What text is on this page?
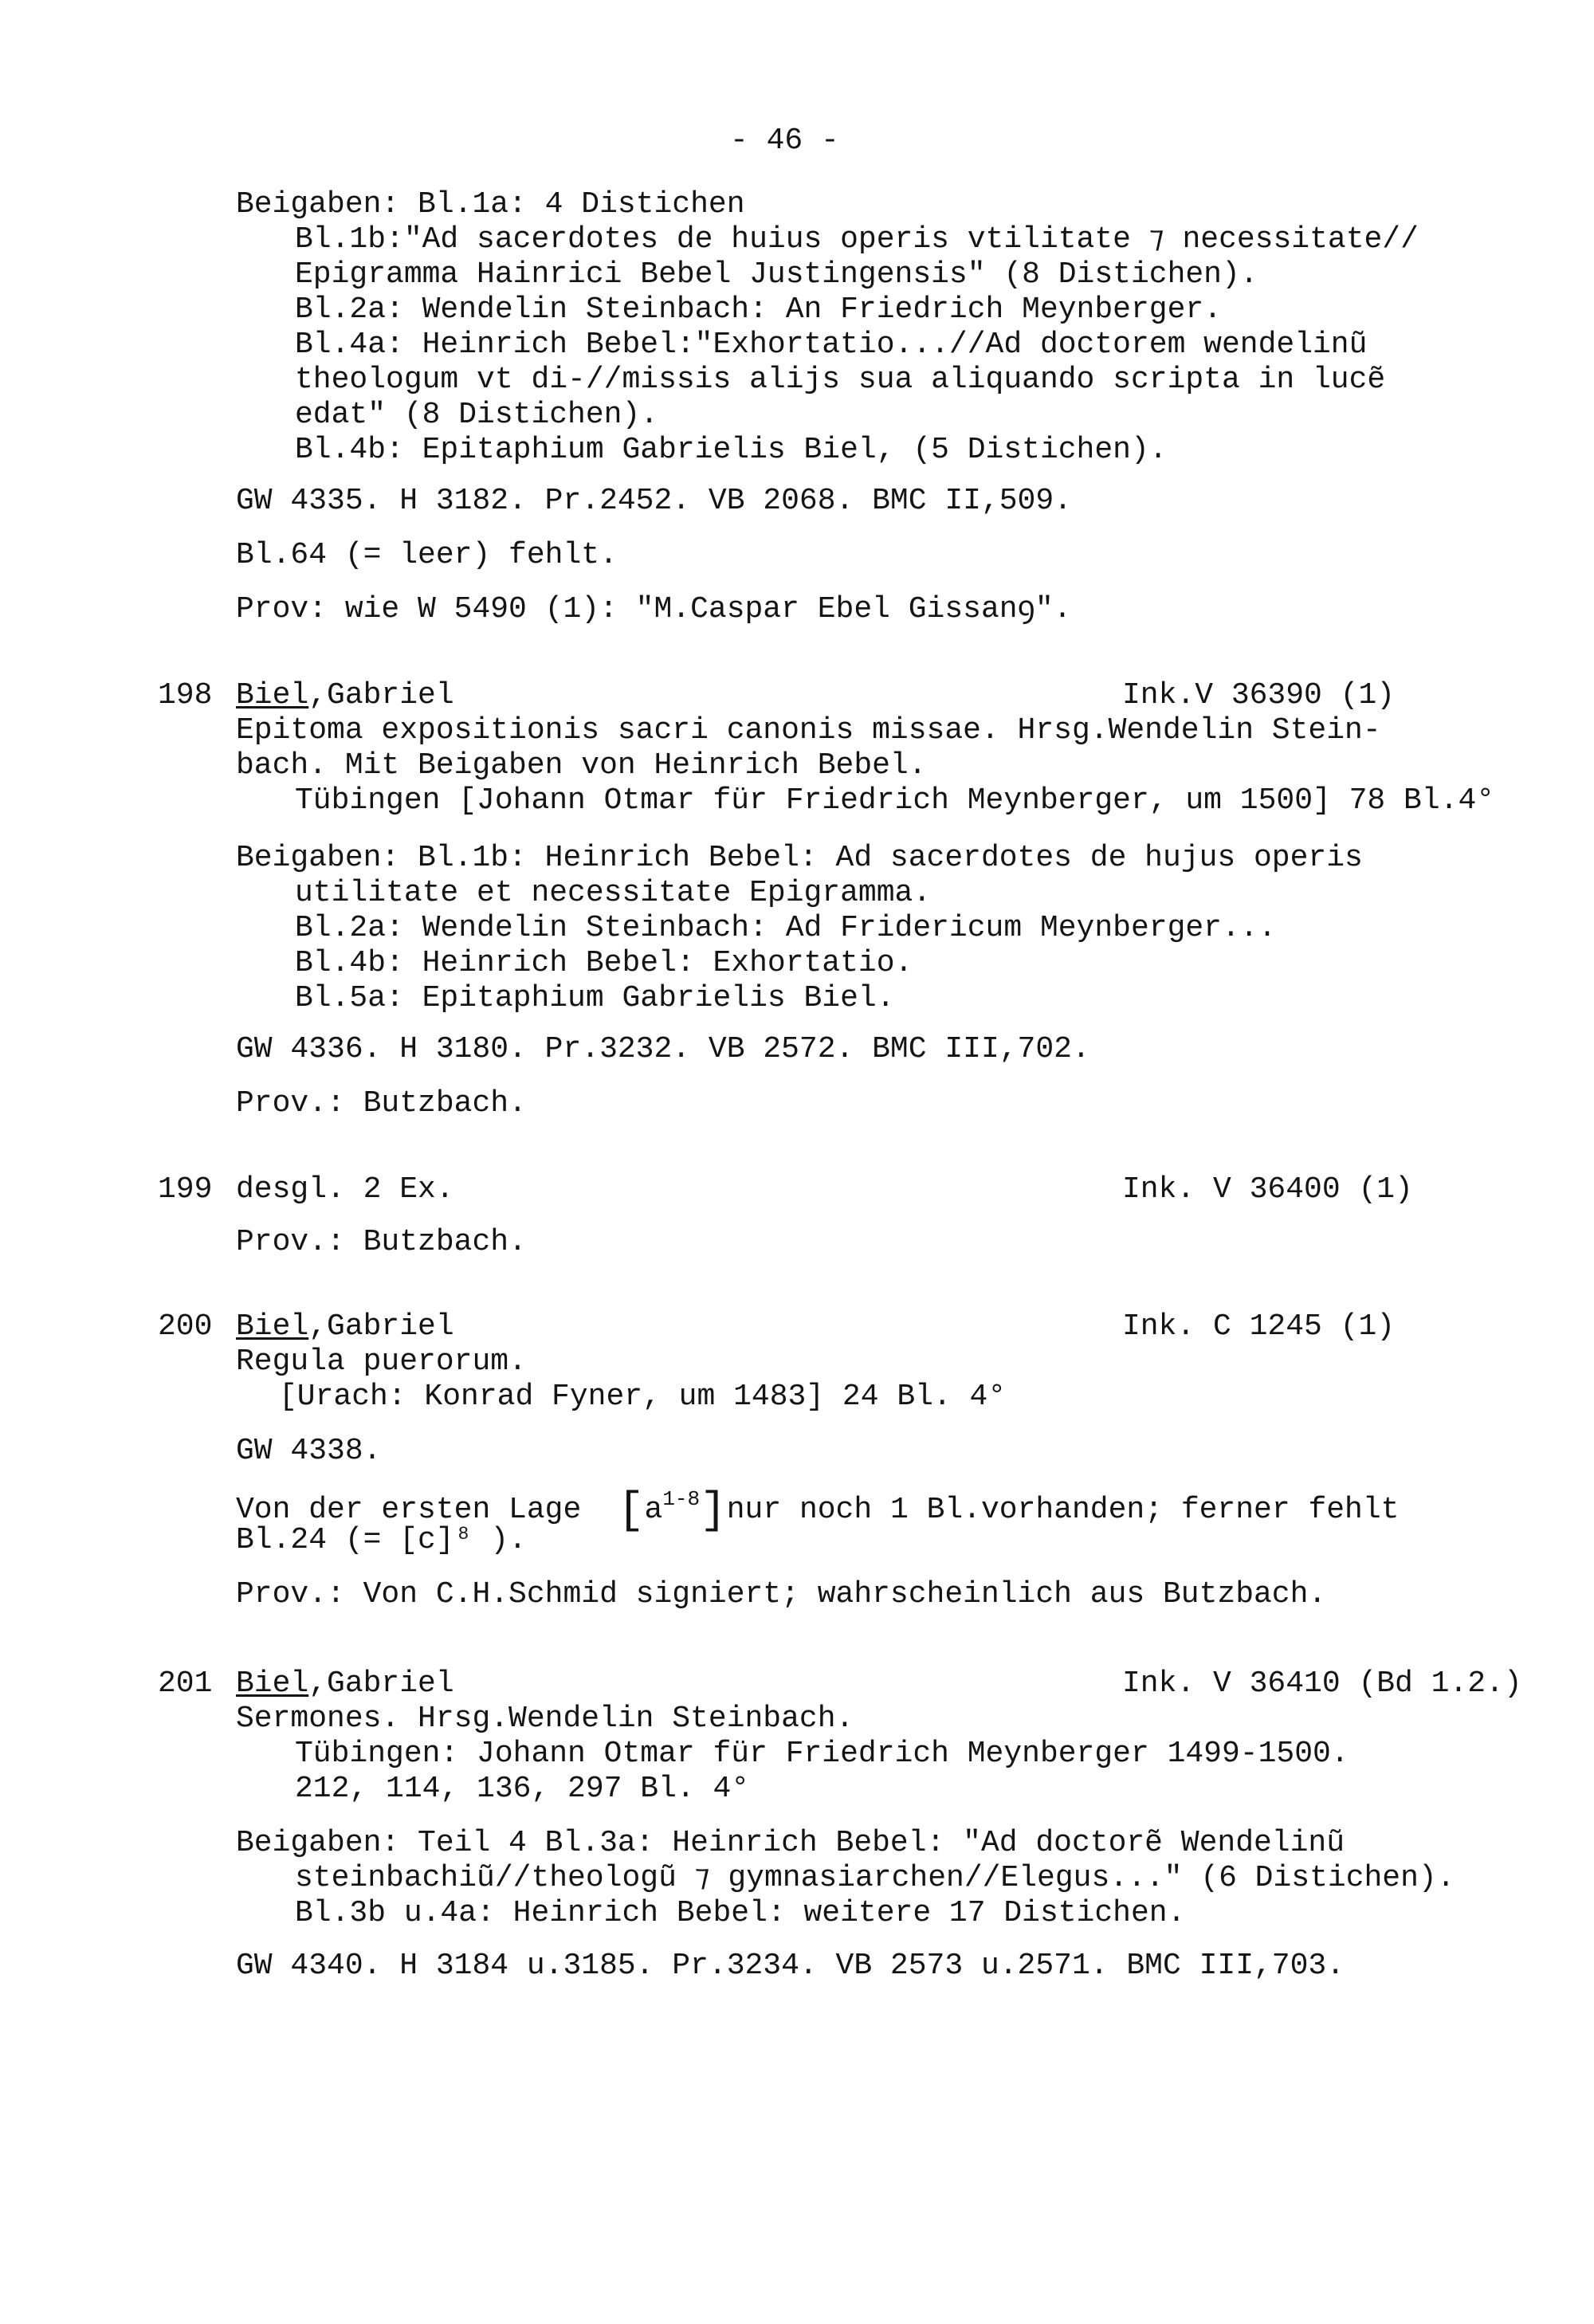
- 46 -
Beigaben: Bl.1a: 4 Distichen
Bl.1b:"Ad sacerdotes de huius operis vtilitate ⁊ necessitate//
Epigramma Hainrici Bebel Justingensis" (8 Distichen).
Bl.2a: Wendelin Steinbach: An Friedrich Meynberger.
Bl.4a: Heinrich Bebel:"Exhortatio...//Ad doctorem wendelinũ
theologum vt di-//missis alijs sua aliquando scripta in lucẽ
edat" (8 Distichen).
Bl.4b: Epitaphium Gabrielis Biel, (5 Distichen).
GW 4335. H 3182. Pr.2452. VB 2068. BMC II,509.
Bl.64 (= leer) fehlt.
Prov: wie W 5490 (1): "M.Caspar Ebel Gissanꝯ".
198 Biel,Gabriel	Ink.V 36390 (1)
Epitoma expositionis sacri canonis missae. Hrsg.Wendelin Stein-
bach. Mit Beigaben von Heinrich Bebel.
Tübingen [Johann Otmar für Friedrich Meynberger, um 1500] 78 Bl.4°
Beigaben: Bl.1b: Heinrich Bebel: Ad sacerdotes de hujus operis
utilitate et necessitate Epigramma.
Bl.2a: Wendelin Steinbach: Ad Fridericum Meynberger...
Bl.4b: Heinrich Bebel: Exhortatio.
Bl.5a: Epitaphium Gabrielis Biel.
GW 4336. H 3180. Pr.3232. VB 2572. BMC III,702.
Prov.: Butzbach.
199 desgl. 2 Ex.	Ink. V 36400 (1)
Prov.: Butzbach.
200 Biel,Gabriel	Ink. C 1245 (1)
Regula puerorum.
[Urach: Konrad Fyner, um 1483] 24 Bl. 4°
GW 4338.
Von der ersten Lage $[a^{1-8}]nur$ noch 1 Bl.vorhanden; ferner fehlt
Bl.24 (= [c]⁸ ).
Prov.: Von C.H.Schmid signiert; wahrscheinlich aus Butzbach.
201 Biel,Gabriel	Ink. V 36410 (Bd 1.2.)
Sermones. Hrsg.Wendelin Steinbach.
Tübingen: Johann Otmar für Friedrich Meynberger 1499-1500.
212, 114, 136, 297 Bl. 4°
Beigaben: Teil 4 Bl.3a: Heinrich Bebel: "Ad doctorẽ Wendelinũ
steinbachiũ//theologũ ⁊ gymnasiarchen//Elegus..." (6 Distichen).
Bl.3b u.4a: Heinrich Bebel: weitere 17 Distichen.
GW 4340. H 3184 u.3185. Pr.3234. VB 2573 u.2571. BMC III,703.
